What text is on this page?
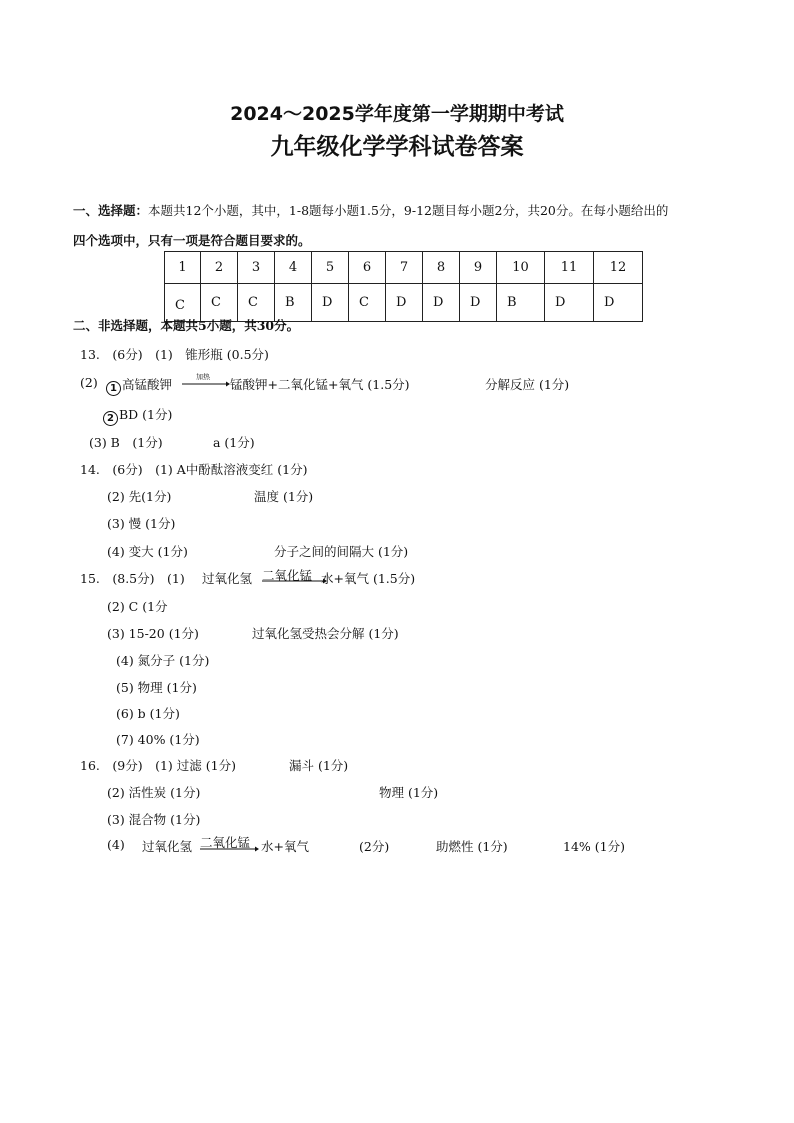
2024～2025学年度第一学期期中考试
九年级化学学科试卷答案
一、选择题：本题共12个小题，其中，1-8题每小题1.5分，9-12题目每小题2分，共20分。在每小题给出的
四个选项中，只有一项是符合题目要求的。
1	2	3	4	5	6	7	8	9	10	11	12
C	C	C	B	D	C	D	D	D	B	D	D
二、非选择题，本题共5小题，共30分。
13.　(6分)　(1)　锥形瓶 (0.5分)
(2)	1 高锰酸钾	加热 锰酸钾+二氧化锰+氧气 (1.5分)	分解反应 (1分)
2 BD (1分)
(3) B　(1分)	a (1分)
14.　(6分)　(1) A中酚酞溶液变红 (1分)
(2) 先(1分)	温度 (1分)
(3) 慢 (1分)
(4) 变大 (1分)	分子之间的间隔大 (1分)
15.　(8.5分)　(1) 过氧化氢 二氧化锰 水+氧气 (1.5分)
(2) C (1分
(3) 15-20 (1分)	过氧化氢受热会分解 (1分)
(4) 氮分子 (1分)
(5) 物理 (1分)
(6) b (1分)
(7) 40% (1分)
16.　(9分)　(1) 过滤 (1分)	漏斗 (1分)
(2) 活性炭 (1分)	物理 (1分)
(3) 混合物 (1分)
(4) 过氧化氢 二氧化锰 水+氧气	(2分)	助燃性 (1分)	14% (1分)
